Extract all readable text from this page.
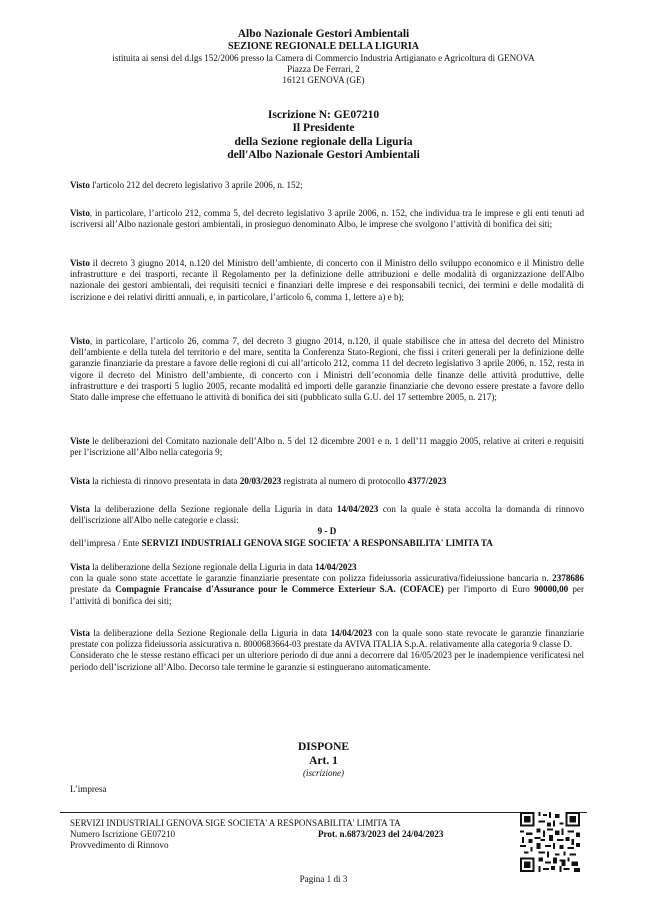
Albo Nazionale Gestori Ambientali
SEZIONE REGIONALE DELLA LIGURIA
istituita ai sensi del d.lgs 152/2006 presso la Camera di Commercio Industria Artigianato e Agricoltura di GENOVA
Piazza De Ferrari, 2
16121 GENOVA (GE)
Iscrizione N: GE07210
Il Presidente
della Sezione regionale della Liguria
dell'Albo Nazionale Gestori Ambientali
Visto l'articolo 212 del decreto legislativo 3 aprile 2006, n. 152;
Visto, in particolare, l’articolo 212, comma 5, del decreto legislativo 3 aprile 2006, n. 152, che individua tra le imprese e gli enti tenuti ad iscriversi all’Albo nazionale gestori ambientali, in prosieguo denominato Albo, le imprese che svolgono l’attività di bonifica dei siti;
Visto il decreto 3 giugno 2014, n.120 del Ministro dell’ambiente, di concerto con il Ministro dello sviluppo economico e il Ministro delle infrastrutture e dei trasporti, recante il Regolamento per la definizione delle attribuzioni e delle modalità di organizzazione dell'Albo nazionale dei gestori ambientali, dei requisiti tecnici e finanziari delle imprese e dei responsabili tecnici, dei termini e delle modalità di iscrizione e dei relativi diritti annuali, e, in particolare, l’articolo 6, comma 1, lettere a) e b);
Visto, in particolare, l’articolo 26, comma 7, del decreto 3 giugno 2014, n.120, il quale stabilisce che in attesa del decreto del Ministro dell’ambiente e della tutela del territorio e del mare, sentita la Conferenza Stato-Regioni, che fissi i criteri generali per la definizione delle garanzie finanziarie da prestare a favore delle regioni di cui all’articolo 212, comma 11 del decreto legislativo 3 aprile 2006, n. 152, resta in vigore il decreto del Ministro dell’ambiente, di concerto con i Ministri dell’economia delle finanze delle attività produttive, delle infrastrutture e dei trasporti 5 luglio 2005, recante modalità ed importi delle garanzie finanziarie che devono essere prestate a favore dello Stato dalle imprese che effettuano le attività di bonifica dei siti (pubblicato sulla G.U. del 17 settembre 2005, n. 217);
Viste le deliberazioni del Comitato nazionale dell’Albo n. 5 del 12 dicembre 2001 e n. 1 dell’11 maggio 2005, relative ai criteri e requisiti per l’iscrizione all’Albo nella categoria 9;
Vista la richiesta di rinnovo presentata in data 20/03/2023 registrata al numero di protocollo 4377/2023
Vista la deliberazione della Sezione regionale della Liguria in data 14/04/2023 con la quale è stata accolta la domanda di rinnovo dell'iscrizione all'Albo nelle categorie e classi:
9 - D
dell’impresa / Ente SERVIZI INDUSTRIALI GENOVA SIGE SOCIETA' A RESPONSABILITA' LIMITA TA
Vista la deliberazione della Sezione regionale della Liguria in data 14/04/2023
con la quale sono state accettate le garanzie finanziarie presentate con polizza fideiussoria assicurativa/fideiussione bancaria n. 2378686 prestate da Compagnie Francaise d'Assurance pour le Commerce Exterieur S.A. (COFACE) per l'importo di Euro 90000,00 per l’attività di bonifica dei siti;
Vista la deliberazione della Sezione Regionale della Liguria in data 14/04/2023 con la quale sono state revocate le garanzie finanziarie prestate con polizza fideiussoria assicurativa n. 8000683664-03 prestate da AVIVA ITALIA S.p.A. relativamente alla categoria 9 classe D.
Considerato che le stesse restano efficaci per un ulteriore periodo di due anni a decorrere dal 16/05/2023 per le inadempience verificatesi nel periodo dell’iscrizione all’Albo. Decorso tale termine le garanzie si estinguerano automaticamente.
DISPONE
Art. 1
(iscrizione)
L’impresa
SERVIZI INDUSTRIALI GENOVA SIGE SOCIETA' A RESPONSABILITA' LIMITA TA
Numero Iscrizione GE07210	Prot. n.6873/2023 del 24/04/2023
Provvedimento di Rinnovo
Pagina 1 di 3
